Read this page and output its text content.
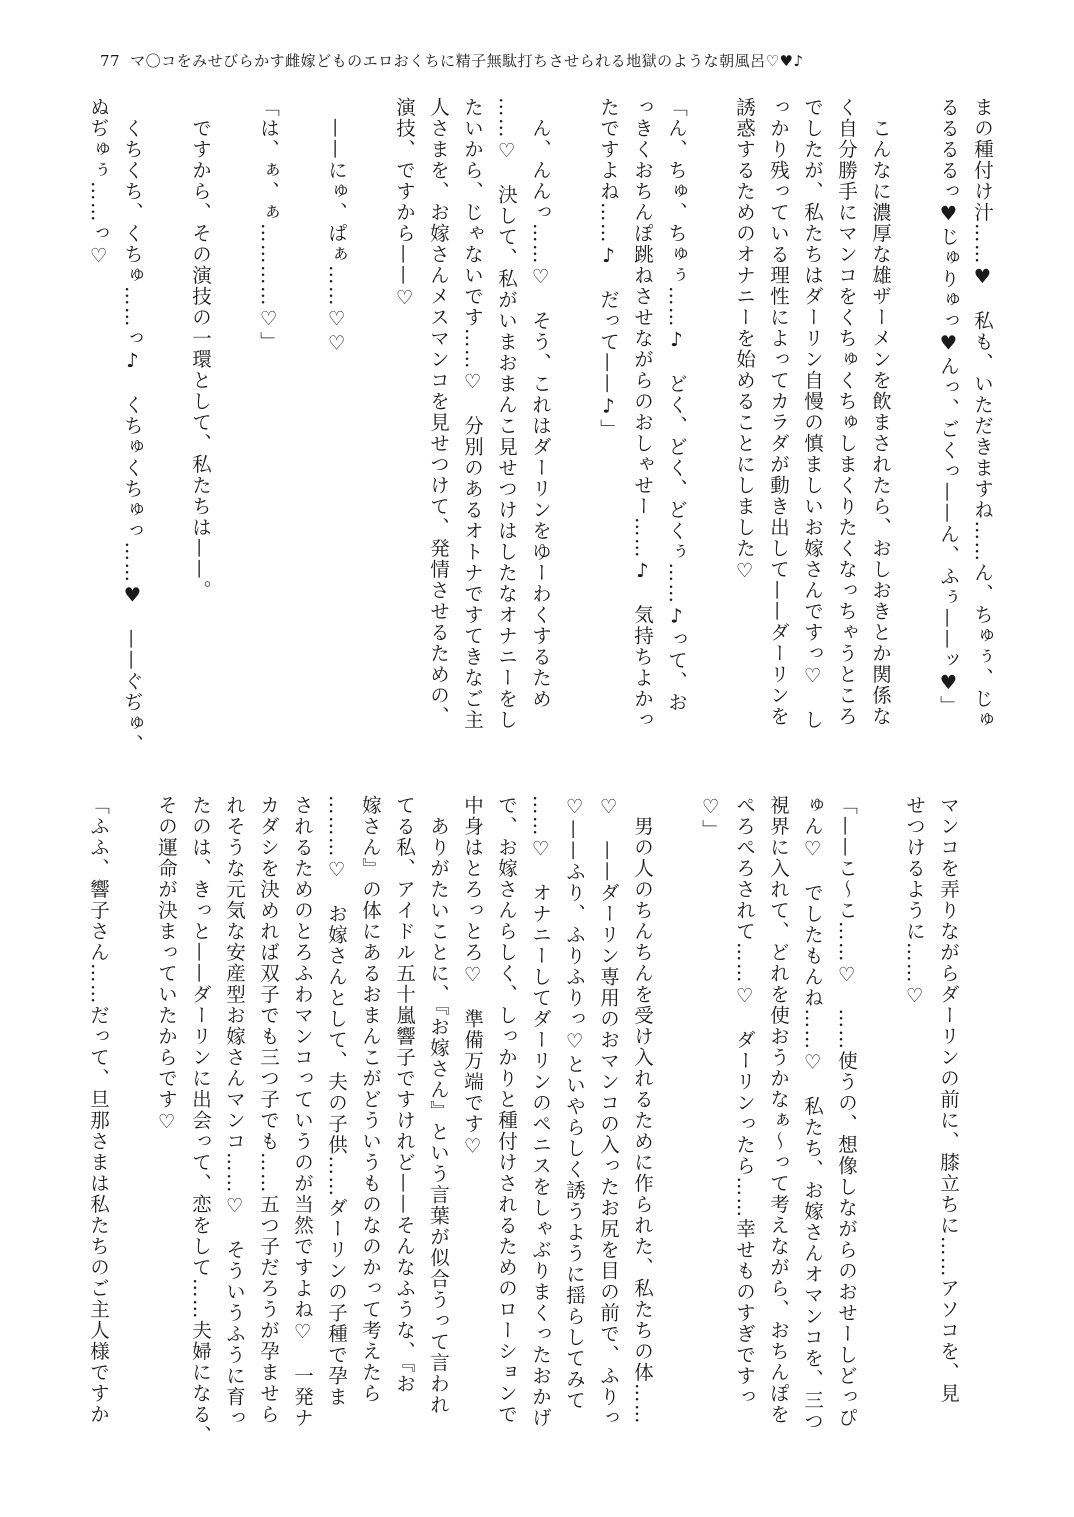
77 マ〇コをみせびらかす雌嫁どものエロおくちに精子無駄打ちさせられる地獄のような朝風呂♡♥♪
まの種付け汁……♥　私も、いただきますね……ん、ちゅぅ、じゅ
るるるるっ♥じゅりゅっ♥んっ、ごくっ——ん、ふぅ——ッ♥」
　こんなに濃厚な雄ザーメンを飲まされたら、おしおきとか関係な
く自分勝手にマンコをくちゅくちゅしまくりたくなっちゃうところ
でしたが、私たちはダーリン自慢の慎ましいお嫁さんですっ♡　し
っかり残っている理性によってカラダが動き出して——ダーリンを
誘惑するためのオナニーを始めることにしました♡
「ん、ちゅ、ちゅぅ……♪　どく、どく、どくぅ……♪って、お
っきくおちんぽ跳ねさせながらのおしゃせー……♪　気持ちよかっ
たですよね……♪　だって——♪」
　ん、んんっ……♡　そう、これはダーリンをゆーわくするため
……♡　決して、私がいまおまんこ見せつけはしたなオナニーをし
たいから、じゃないです……♡　分別のあるオトナですてきなご主
人さまを、お嫁さんメスマンコを見せつけて、発情させるための、
演技、ですから——♡
　——にゅ、ぱぁ……♡♡
「は、ぁ、ぁ…………♡」
　ですから、その演技の一環として、私たちは——。
　くちくち、くちゅ……っ♪　くちゅくちゅっ……♥　——ぐぢゅ、
ぬぢゅぅ……っ♡
マンコを弄りながらダーリンの前に、膝立ちに……アソコを、見
せつけるように……♡
「——こ～こ……♡　……使うの、想像しながらのおせーしどっぴ
ゅん♡　でしたもんね……♡　私たち、お嫁さんオマンコを、三つ
視界に入れて、どれを使おうかなぁ～って考えながら、おちんぽを
ぺろぺろされて……♡　ダーリンったら……幸せものすぎですっ
♡」
　男の人のちんちんを受け入れるために作られた、私たちの体……
♡　——ダーリン専用のおマンコの入ったお尻を目の前で、ふりっ
♡——ふり、ふりふりっ♡といやらしく誘うように揺らしてみて
……♡　オナニーしてダーリンのペニスをしゃぶりまくったおかげ
で、お嫁さんらしく、しっかりと種付けされるためのローションで
中身はとろっとろ♡　準備万端です♡
　ありがたいことに、『お嫁さん』という言葉が似合うって言われ
てる私、アイドル五十嵐響子ですけれど——そんなふうな、『お
嫁さん』の体にあるおまんこがどういうものなのかって考えたら
………♡　お嫁さんとして、夫の子供……ダーリンの子種で孕ま
されるためのとろふわマンコっていうのが当然ですよね♡　一発ナ
カダシを決めれば双子でも三つ子でも……五つ子だろうが孕ませら
れそうな元気な安産型お嫁さんマンコ……♡　そういうふうに育っ
たのは、きっと——ダーリンに出会って、恋をして……夫婦になる、
その運命が決まっていたからです♡
「ふふ、響子さん……だって、旦那さまは私たちのご主人様ですか
